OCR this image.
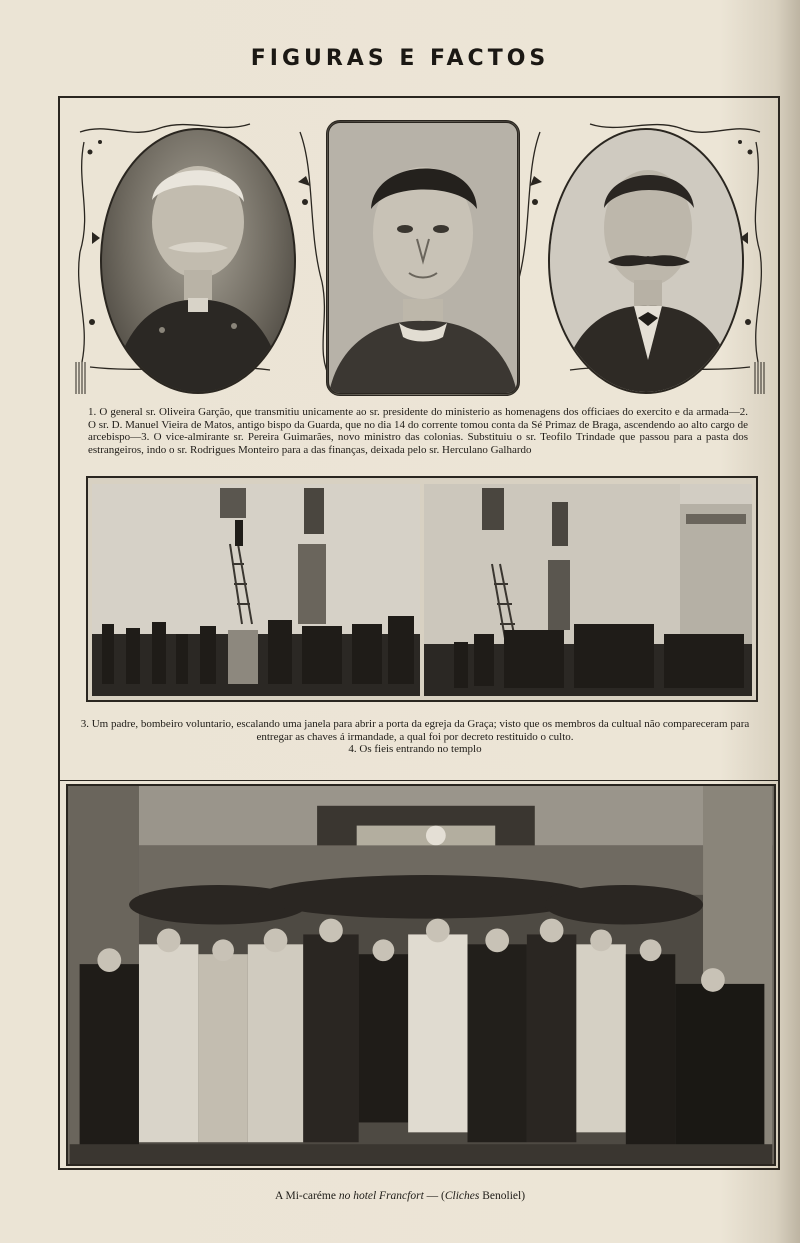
FIGURAS E FACTOS
1. O general sr. Oliveira Garção, que transmitiu unicamente ao sr. presidente do ministerio as homenagens dos officiaes do exercito e da armada—2. O sr. D. Manuel Vieira de Matos, antigo bispo da Guarda, que no dia 14 do corrente tomou conta da Sé Primaz de Braga, ascendendo ao alto cargo de arcebispo—3. O vice-almirante sr. Pereira Guimarães, novo ministro das colonias. Substituiu o sr. Teofilo Trindade que passou para a pasta dos estrangeiros, indo o sr. Rodrigues Monteiro para a das finanças, deixada pelo sr. Herculano Galhardo
3. Um padre, bombeiro voluntario, escalando uma janela para abrir a porta da egreja da Graça; visto que os membros da cultual não compareceram para entregar as chaves á irmandade, a qual foi por decreto restituido o culto.
4. Os fieis entrando no templo
A Mi-caréme no hotel Francfort — (Cliches Benoliel)
